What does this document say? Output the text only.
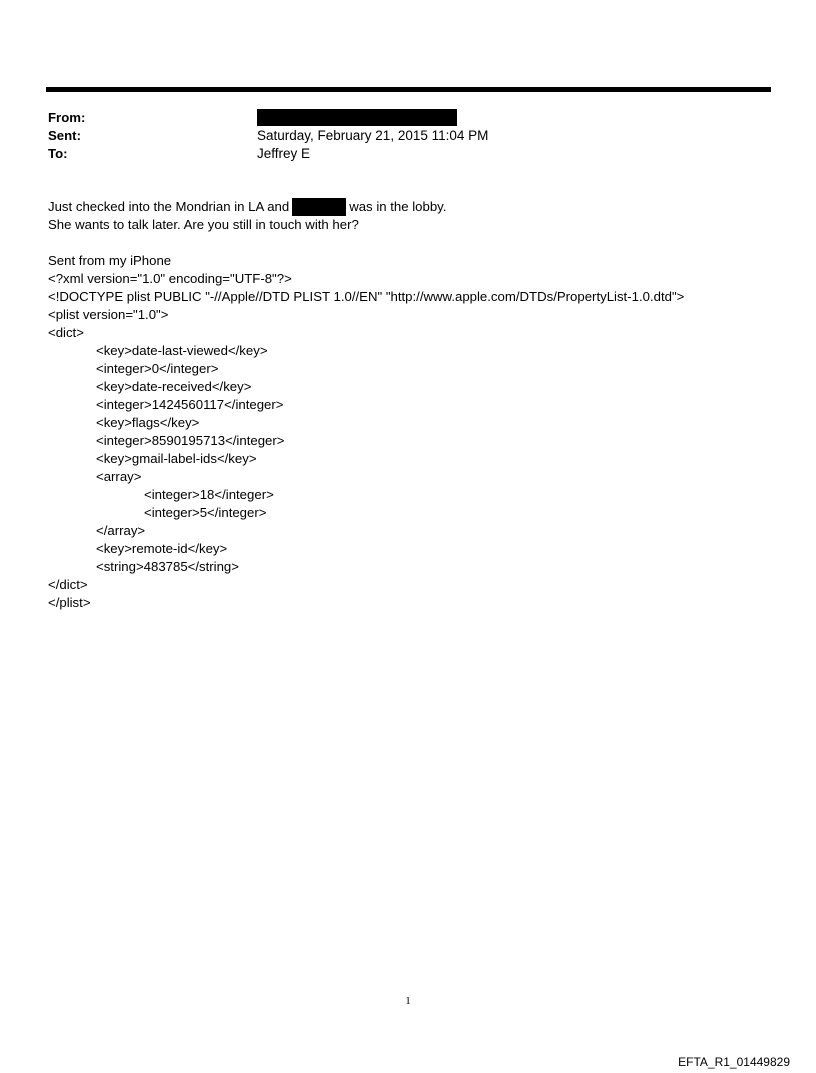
From:
Sent:	Saturday, February 21, 2015 11:04 PM
To:	Jeffrey E
Just checked into the Mondrian in LA and	was in the lobby.
She wants to talk later. Are you still in touch with her?
Sent from my iPhone
<?xml version="1.0" encoding="UTF-8"?>
<!DOCTYPE plist PUBLIC "-//Apple//DTD PLIST 1.0//EN" "http://www.apple.com/DTDs/PropertyList-1.0.dtd">
<plist version="1.0">
<dict>
<key>date-last-viewed</key>
<integer>0</integer>
<key>date-received</key>
<integer>1424560117</integer>
<key>flags</key>
<integer>8590195713</integer>
<key>gmail-label-ids</key>
<array>
<integer>18</integer>
<integer>5</integer>
</array>
<key>remote-id</key>
<string>483785</string>
</dict>
</plist>
1
EFTA_R1_01449829
